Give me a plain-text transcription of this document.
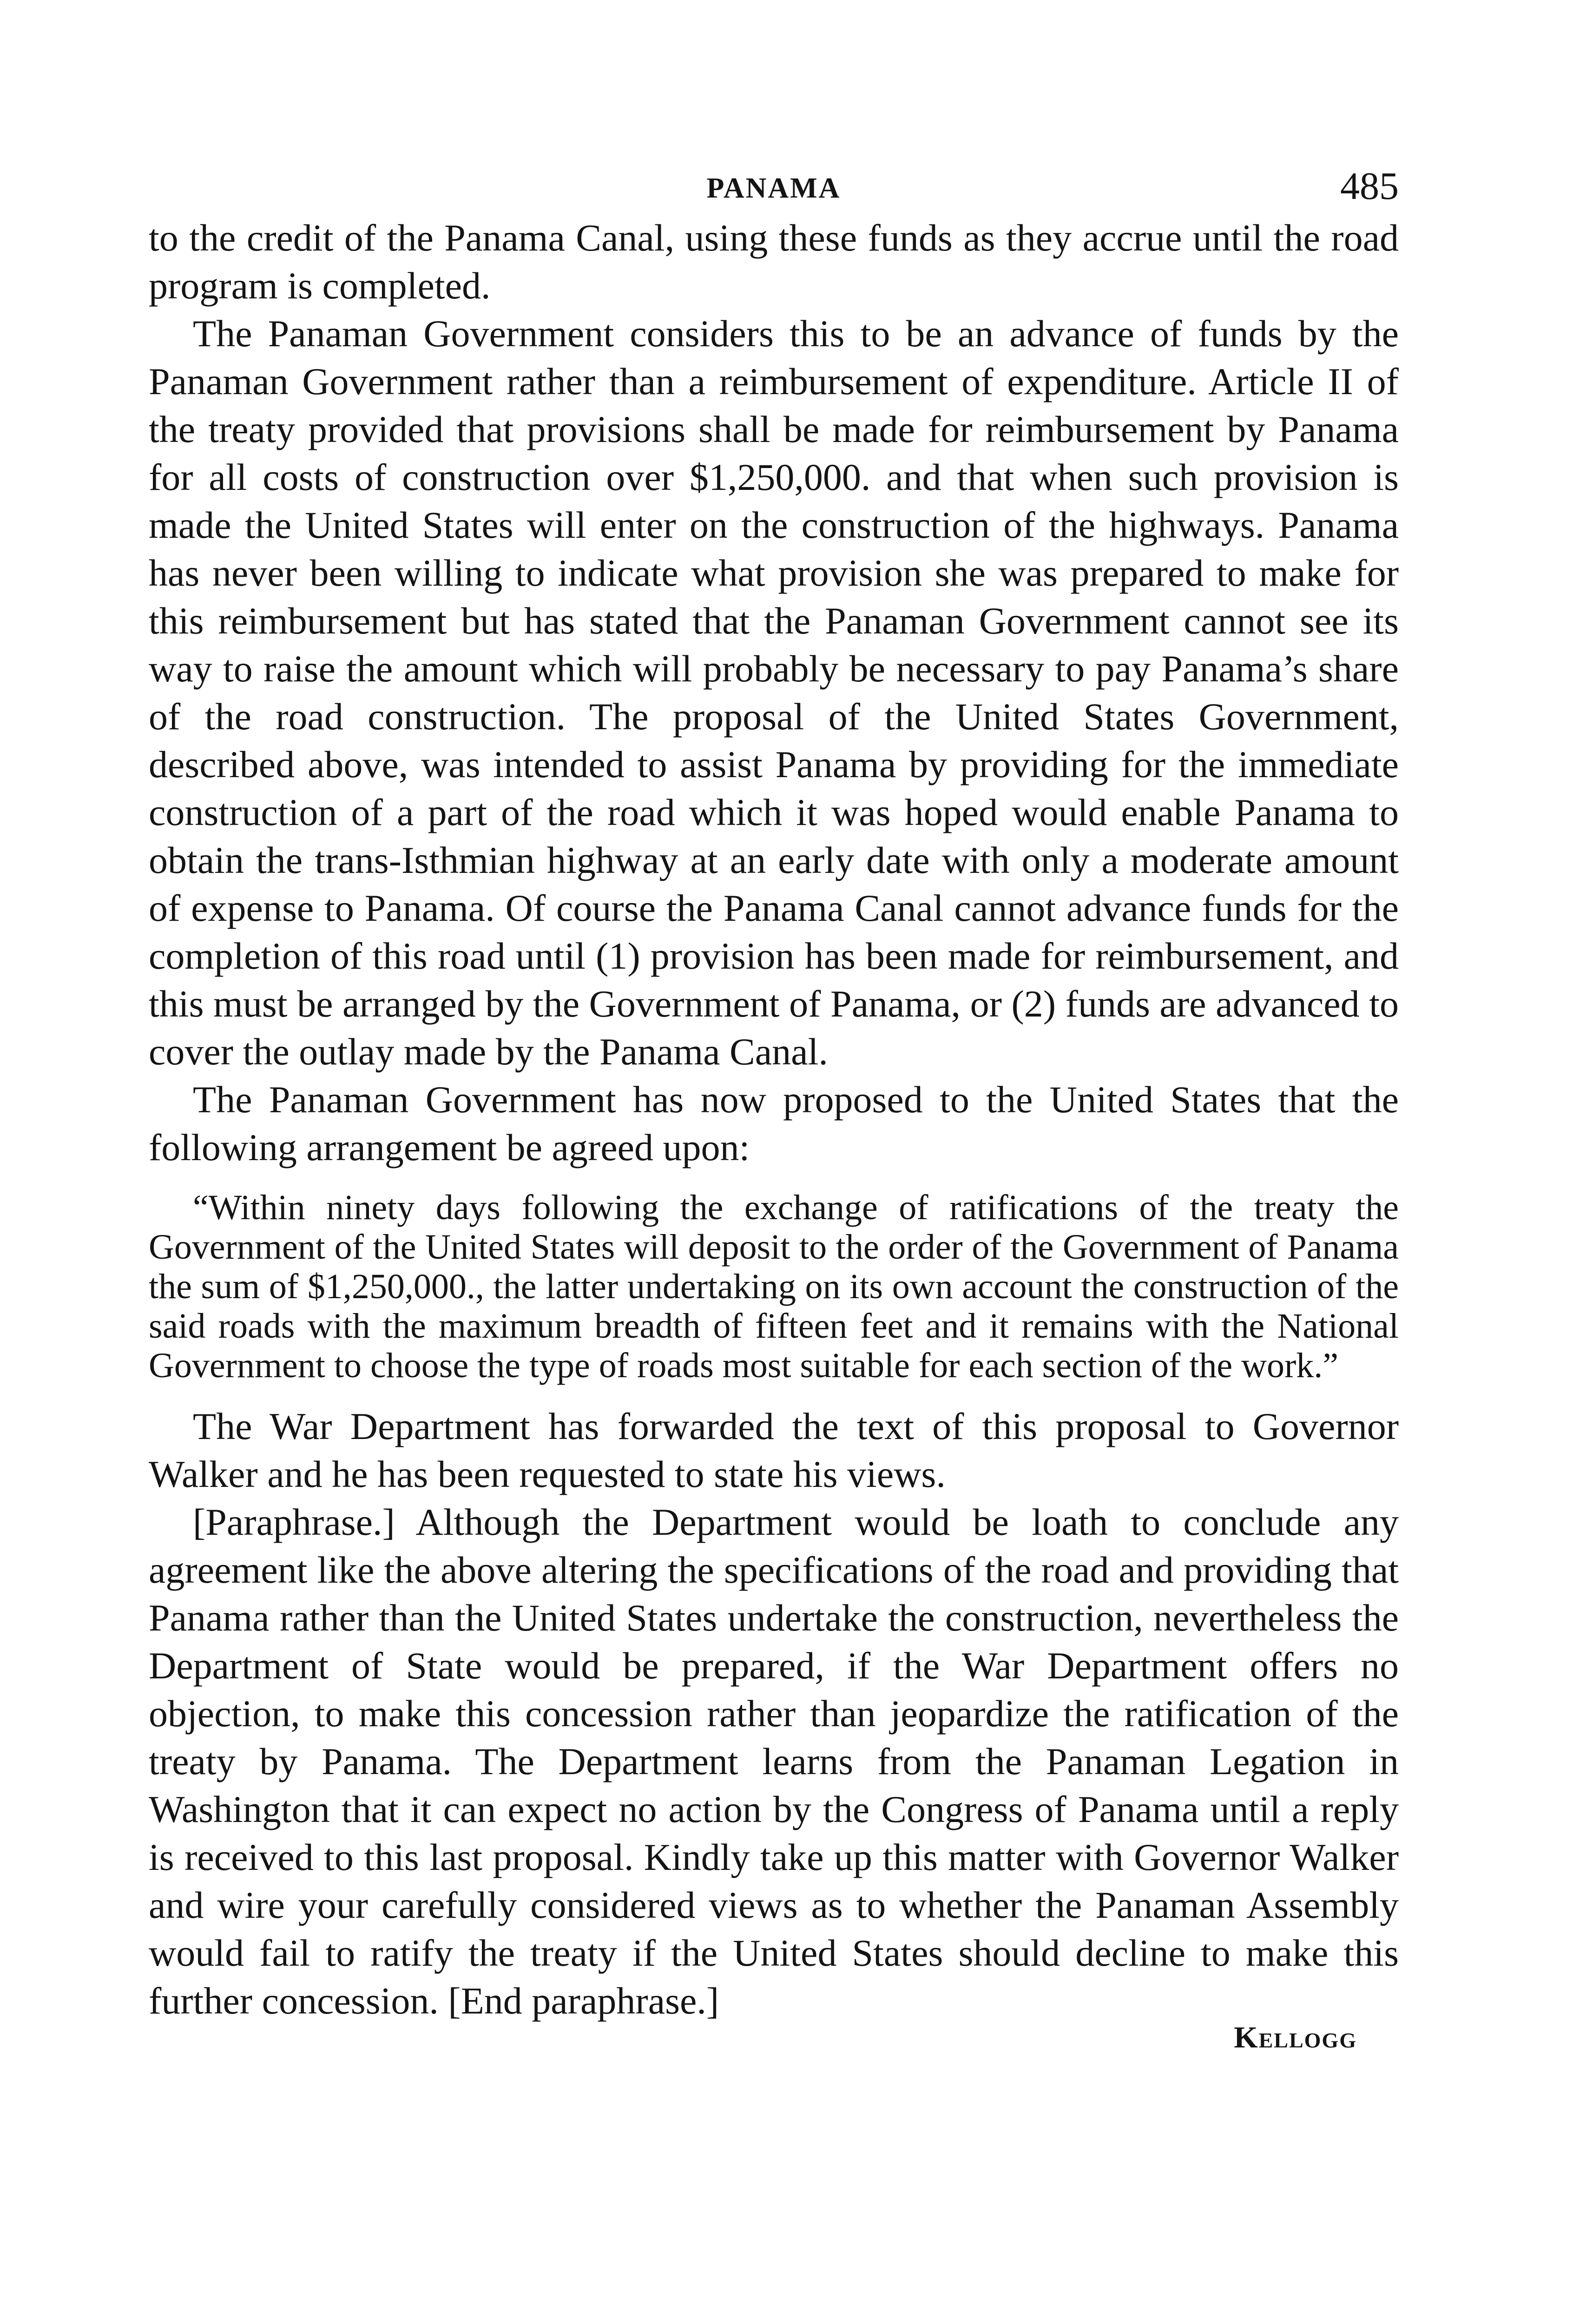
PANAMA	485

to the credit of the Panama Canal, using these funds as they accrue until the road program is completed.

The Panaman Government considers this to be an advance of funds by the Panaman Government rather than a reimbursement of expenditure. Article II of the treaty provided that provisions shall be made for reimbursement by Panama for all costs of construction over $1,250,000. and that when such provision is made the United States will enter on the construction of the highways. Panama has never been willing to indicate what provision she was prepared to make for this reimbursement but has stated that the Panaman Government cannot see its way to raise the amount which will probably be necessary to pay Panama’s share of the road construction. The proposal of the United States Government, described above, was intended to assist Panama by providing for the immediate construction of a part of the road which it was hoped would enable Panama to obtain the trans-Isthmian highway at an early date with only a moderate amount of expense to Panama. Of course the Panama Canal cannot advance funds for the completion of this road until (1) provision has been made for reimbursement, and this must be arranged by the Government of Panama, or (2) funds are advanced to cover the outlay made by the Panama Canal.

The Panaman Government has now proposed to the United States that the following arrangement be agreed upon:

“Within ninety days following the exchange of ratifications of the treaty the Government of the United States will deposit to the order of the Government of Panama the sum of $1,250,000., the latter undertaking on its own account the construction of the said roads with the maximum breadth of fifteen feet and it remains with the National Government to choose the type of roads most suitable for each section of the work.”

The War Department has forwarded the text of this proposal to Governor Walker and he has been requested to state his views.

[Paraphrase.] Although the Department would be loath to conclude any agreement like the above altering the specifications of the road and providing that Panama rather than the United States undertake the construction, nevertheless the Department of State would be prepared, if the War Department offers no objection, to make this concession rather than jeopardize the ratification of the treaty by Panama. The Department learns from the Panaman Legation in Washington that it can expect no action by the Congress of Panama until a reply is received to this last proposal. Kindly take up this matter with Governor Walker and wire your carefully considered views as to whether the Panaman Assembly would fail to ratify the treaty if the United States should decline to make this further concession. [End paraphrase.]

Kellogg
